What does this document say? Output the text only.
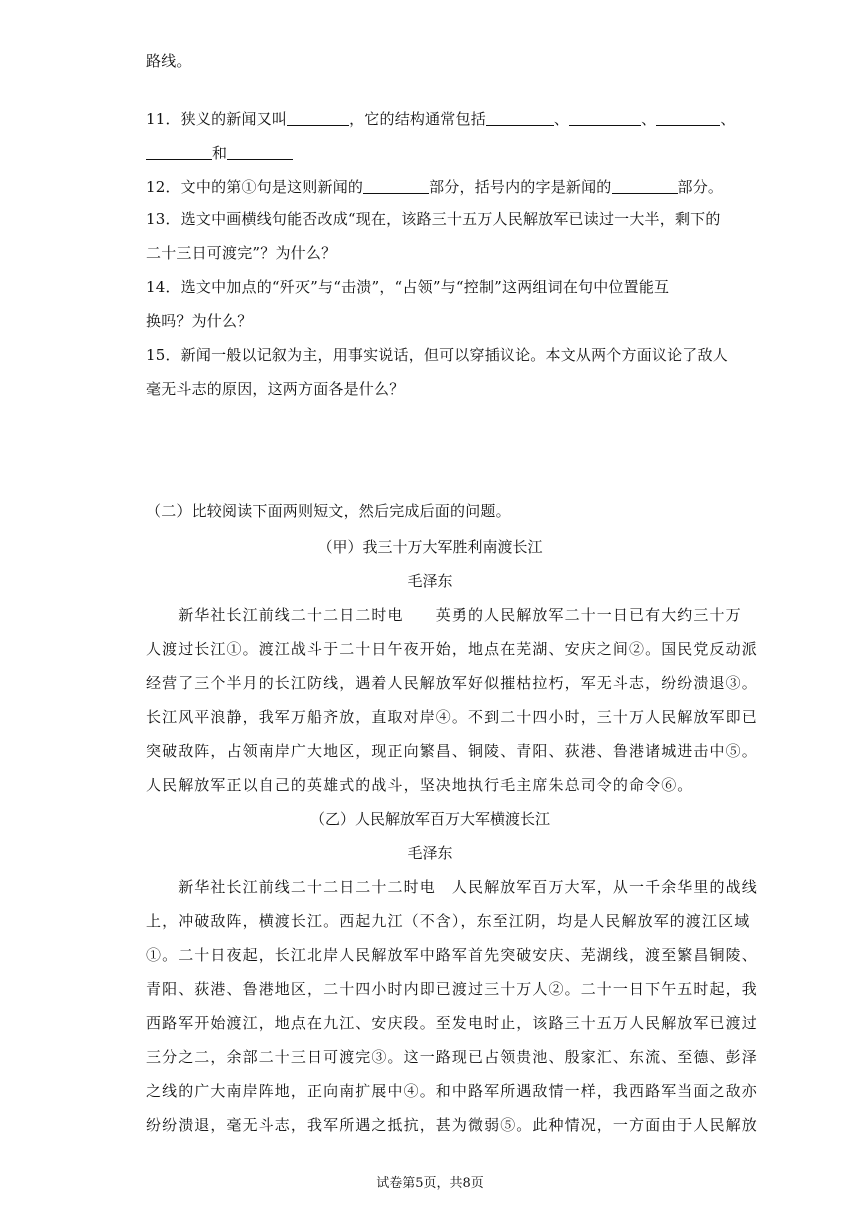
路线。
11．狭义的新闻又叫	，它的结构通常包括	、	、	、
和
12．文中的第①句是这则新闻的	部分，括号内的字是新闻的	部分。
13．选文中画横线句能否改成“现在，该路三十五万人民解放军已读过一大半，剩下的
二十三日可渡完”？为什么？
14．选文中加点的“歼灭”与“击溃”，“占领”与“控制”这两组词在句中位置能互
换吗？为什么？
15．新闻一般以记叙为主，用事实说话，但可以穿插议论。本文从两个方面议论了敌人
毫无斗志的原因，这两方面各是什么？
（二）比较阅读下面两则短文，然后完成后面的问题。
（甲）我三十万大军胜利南渡长江
毛泽东
　　新华社长江前线二十二日二时电　　英勇的人民解放军二十一日已有大约三十万
人渡过长江①。渡江战斗于二十日午夜开始，地点在芜湖、安庆之间②。国民党反动派
经营了三个半月的长江防线，遇着人民解放军好似摧枯拉朽，军无斗志，纷纷溃退③。
长江风平浪静，我军万船齐放，直取对岸④。不到二十四小时，三十万人民解放军即已
突破敌阵，占领南岸广大地区，现正向繁昌、铜陵、青阳、荻港、鲁港诸城进击中⑤。
人民解放军正以自己的英雄式的战斗，坚决地执行毛主席朱总司令的命令⑥。
（乙）人民解放军百万大军横渡长江
毛泽东
　　新华社长江前线二十二日二十二时电　人民解放军百万大军，从一千余华里的战线
上，冲破敌阵，横渡长江。西起九江（不含），东至江阴，均是人民解放军的渡江区域
①。二十日夜起，长江北岸人民解放军中路军首先突破安庆、芜湖线，渡至繁昌铜陵、
青阳、荻港、鲁港地区，二十四小时内即已渡过三十万人②。二十一日下午五时起，我
西路军开始渡江，地点在九江、安庆段。至发电时止，该路三十五万人民解放军已渡过
三分之二，余部二十三日可渡完③。这一路现已占领贵池、殷家汇、东流、至德、彭泽
之线的广大南岸阵地，正向南扩展中④。和中路军所遇敌情一样，我西路军当面之敌亦
纷纷溃退，毫无斗志，我军所遇之抵抗，甚为微弱⑤。此种情况，一方面由于人民解放
试卷第5页，共8页
